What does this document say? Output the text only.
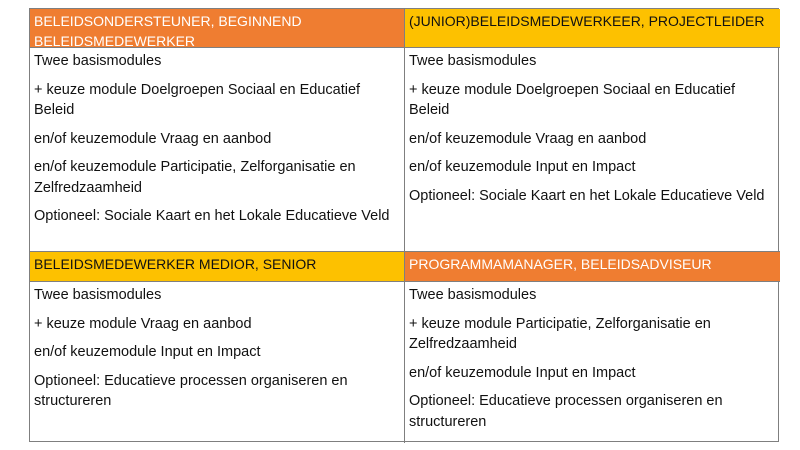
BELEIDSONDERSTEUNER, BEGINNEND BELEIDSMEDEWERKER
(JUNIOR)BELEIDSMEDEWERKEER, PROJECTLEIDER
Twee basismodules
+ keuze module Doelgroepen Sociaal en Educatief Beleid
en/of keuzemodule Vraag en aanbod
en/of keuzemodule Participatie, Zelforganisatie en Zelfredzaamheid
Optioneel: Sociale Kaart en het Lokale Educatieve Veld
Twee basismodules
+ keuze module Doelgroepen Sociaal en Educatief Beleid
en/of keuzemodule Vraag en aanbod
en/of keuzemodule Input en Impact
Optioneel: Sociale Kaart en het Lokale Educatieve Veld
BELEIDSMEDEWERKER MEDIOR, SENIOR	PROGRAMMAMANAGER, BELEIDSADVISEUR
Twee basismodules
+ keuze module Vraag en aanbod
en/of keuzemodule Input en Impact
Optioneel: Educatieve processen organiseren en structureren
Twee basismodules
+ keuze module Participatie, Zelforganisatie en Zelfredzaamheid
en/of keuzemodule Input en Impact
Optioneel: Educatieve processen organiseren en structureren
